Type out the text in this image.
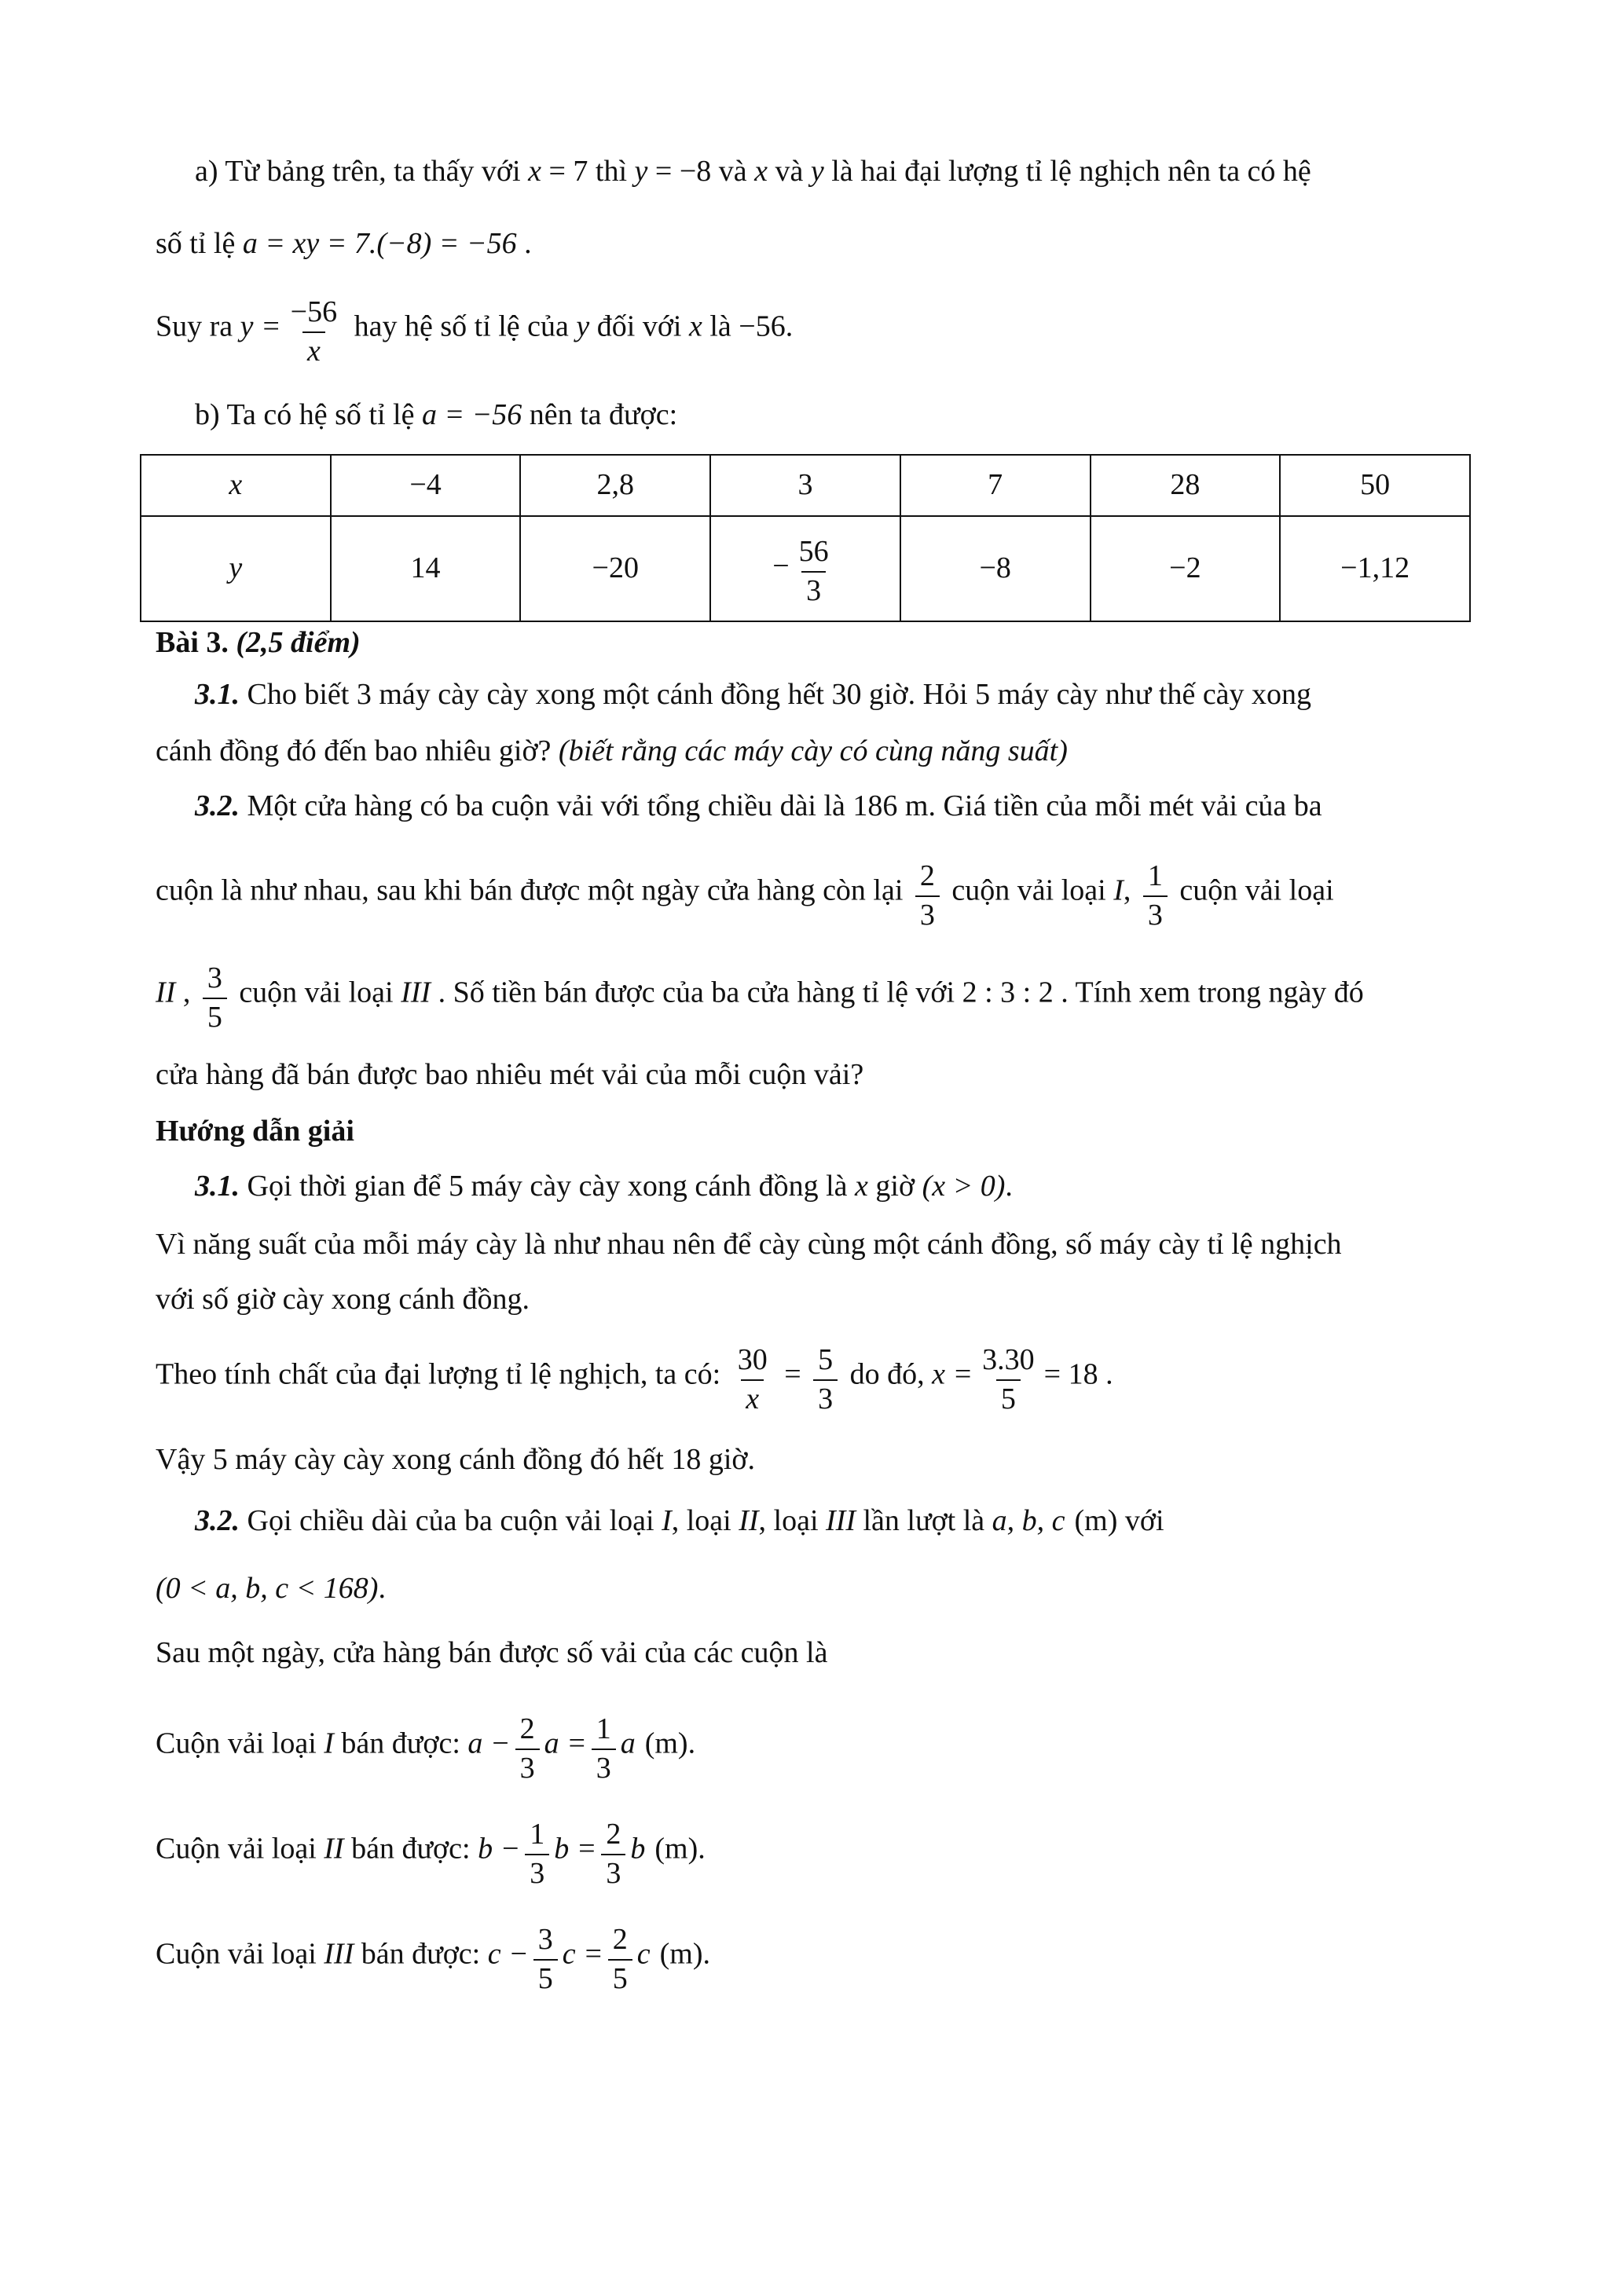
a) Từ bảng trên, ta thấy với x = 7 thì y = −8 và x và y là hai đại lượng tỉ lệ nghịch nên ta có hệ
số tỉ lệ a = xy = 7.(−8) = −56 .
Suy ra $y = \frac{-56}{x}$ hay hệ số tỉ lệ của y đối với x là −56.
b) Ta có hệ số tỉ lệ a = −56 nên ta được:
x	−4	2,8	3	7	28	50
y	14	−20	− $\frac{56}{3}$	−8	−2	−1,12
Bài 3. (2,5 điểm)
3.1. Cho biết 3 máy cày cày xong một cánh đồng hết 30 giờ. Hỏi 5 máy cày như thế cày xong
cánh đồng đó đến bao nhiêu giờ? (biết rằng các máy cày có cùng năng suất)
3.2. Một cửa hàng có ba cuộn vải với tổng chiều dài là 186 m. Giá tiền của mỗi mét vải của ba
cuộn là như nhau, sau khi bán được một ngày cửa hàng còn lại $\frac{2}{3}$ cuộn vải loại I, $\frac{1}{3}$ cuộn vải loại
II , $\frac{3}{5}$ cuộn vải loại III . Số tiền bán được của ba cửa hàng tỉ lệ với 2 : 3 : 2 . Tính xem trong ngày đó
cửa hàng đã bán được bao nhiêu mét vải của mỗi cuộn vải?
Hướng dẫn giải
3.1. Gọi thời gian để 5 máy cày cày xong cánh đồng là x giờ (x > 0).
Vì năng suất của mỗi máy cày là như nhau nên để cày cùng một cánh đồng, số máy cày tỉ lệ nghịch
với số giờ cày xong cánh đồng.
Theo tính chất của đại lượng tỉ lệ nghịch, ta có: $\frac{30}{x} = \frac{5}{3}$ do đó, $x = \frac{3.30}{5} = 18$ .
Vậy 5 máy cày cày xong cánh đồng đó hết 18 giờ.
3.2. Gọi chiều dài của ba cuộn vải loại I, loại II, loại III lần lượt là a, b, c (m) với
(0 < a, b, c < 168).
Sau một ngày, cửa hàng bán được số vải của các cuộn là
Cuộn vải loại I bán được: $a - \frac{2}{3}$ $a = \frac{1}{3}$ a (m).
Cuộn vải loại II bán được: $b - \frac{1}{3}$ $b = \frac{2}{3}$ b (m).
Cuộn vải loại III bán được: $c - \frac{3}{5}$ $c = \frac{2}{5}$ c (m).
